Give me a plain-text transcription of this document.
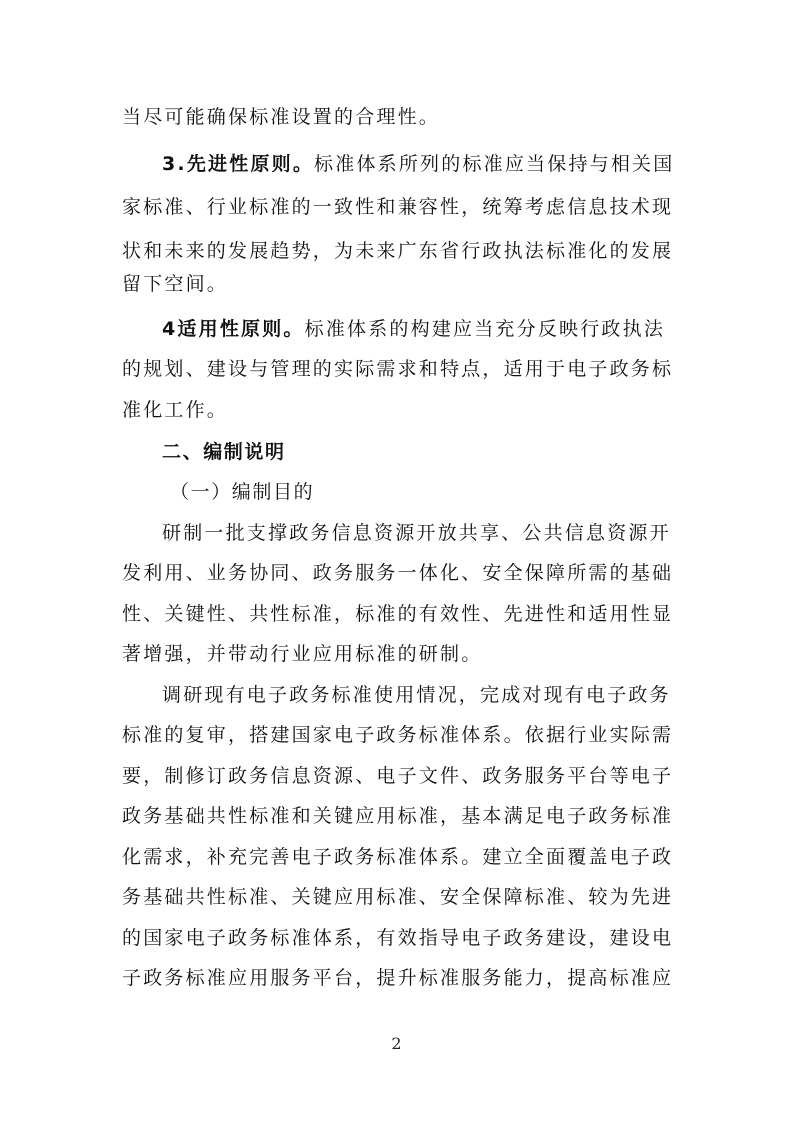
当尽可能确保标准设置的合理性。
3.先进性原则。标准体系所列的标准应当保持与相关国
家标准、行业标准的一致性和兼容性，统筹考虑信息技术现
状和未来的发展趋势，为未来广东省行政执法标准化的发展
留下空间。
4适用性原则。标准体系的构建应当充分反映行政执法
的规划、建设与管理的实际需求和特点，适用于电子政务标
准化工作。
二、编制说明
（一）编制目的
研制一批支撑政务信息资源开放共享、公共信息资源开
发利用、业务协同、政务服务一体化、安全保障所需的基础
性、关键性、共性标准，标准的有效性、先进性和适用性显
著增强，并带动行业应用标准的研制。
调研现有电子政务标准使用情况，完成对现有电子政务
标准的复审，搭建国家电子政务标准体系。依据行业实际需
要，制修订政务信息资源、电子文件、政务服务平台等电子
政务基础共性标准和关键应用标准，基本满足电子政务标准
化需求，补充完善电子政务标准体系。建立全面覆盖电子政
务基础共性标准、关键应用标准、安全保障标准、较为先进
的国家电子政务标准体系，有效指导电子政务建设，建设电
子政务标准应用服务平台，提升标准服务能力，提高标准应
2
